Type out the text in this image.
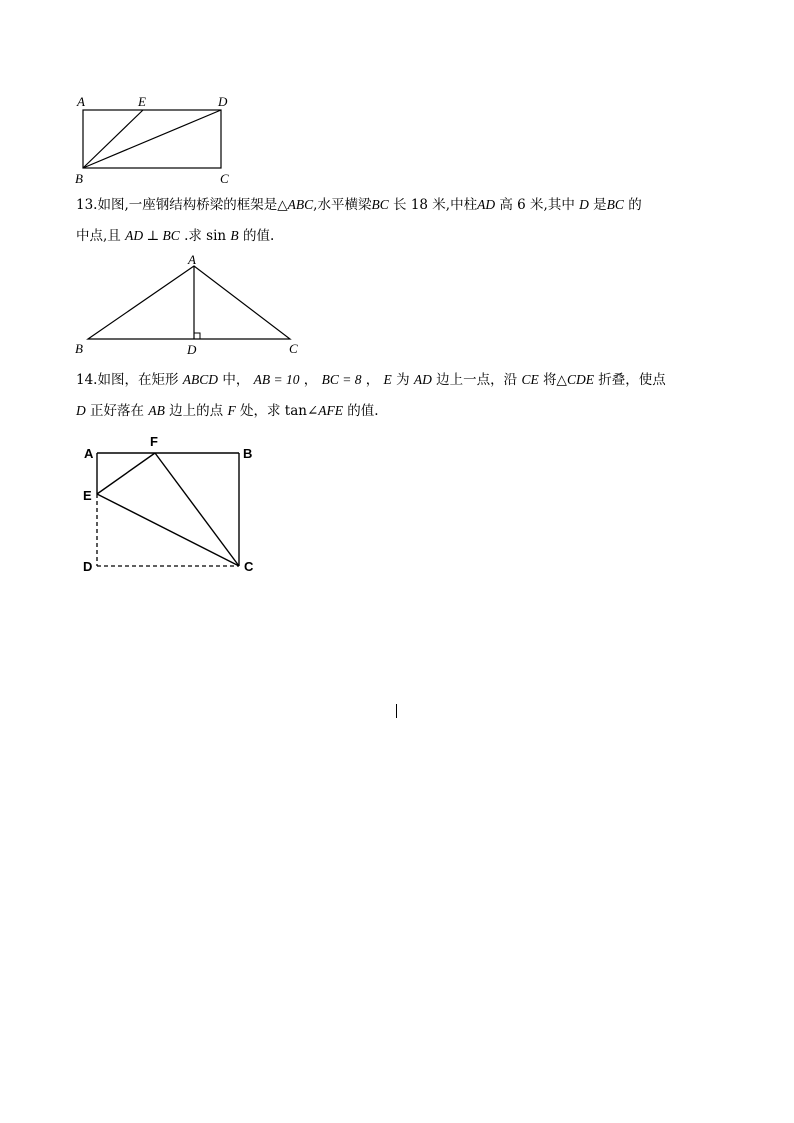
A	E	D
B	C
13.如图,一座钢结构桥梁的框架是△ABC,水平横梁BC 长 18 米,中柱AD 高 6 米,其中 D 是BC 的
中点,且 AD ⊥ BC .求 sin B 的值.
A
B	D	C
14.如图，在矩形 ABCD 中， AB = 10 ， BC = 8 ， E 为 AD 边上一点，沿 CE 将△CDE 折叠，使点
D 正好落在 AB 边上的点 F 处，求 tan∠AFE 的值.
A
F
B
E
D	C
